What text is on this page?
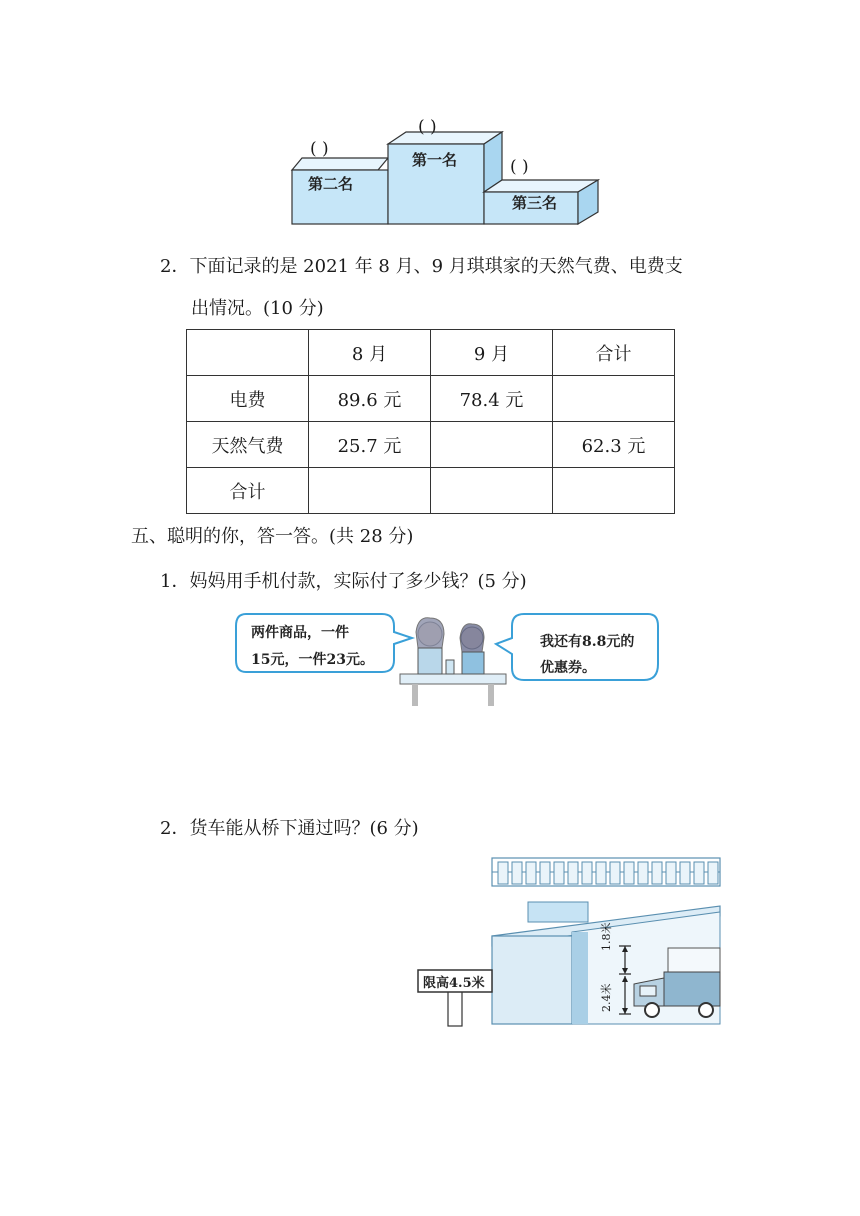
第二名
第一名
第三名
( )
( )
( )
2．下面记录的是 2021 年 8 月、9 月琪琪家的天然气费、电费支
出情况。(10 分)
	8 月	9 月	合计
电费	89.6 元	78.4 元	
天然气费	25.7 元		62.3 元
合计			
五、聪明的你，答一答。(共 28 分)
1．妈妈用手机付款，实际付了多少钱？(5 分)
两件商品，一件
15元，一件23元。
我还有8.8元的
优惠券。
2．货车能从桥下通过吗？(6 分)
限高4.5米
1.8米
2.4米
